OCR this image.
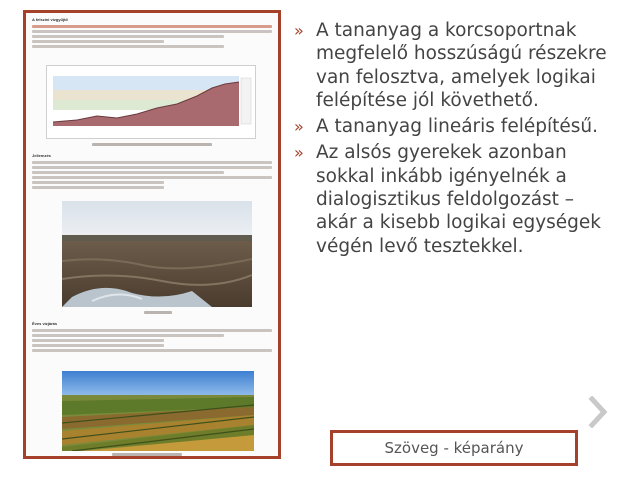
A felszíni vízgyűjtő
Jellemzés
Éves vízjárás
» A tananyag a korcsoportnak megfelelő hosszúságú részekre van felosztva, amelyek logikai felépítése jól követhető.
» A tananyag lineáris felépítésű.
» Az alsós gyerekek azonban sokkal inkább igényelnék a dialogisztikus feldolgozást – akár a kisebb logikai egységek végén levő tesztekkel.
Szöveg - képarány
